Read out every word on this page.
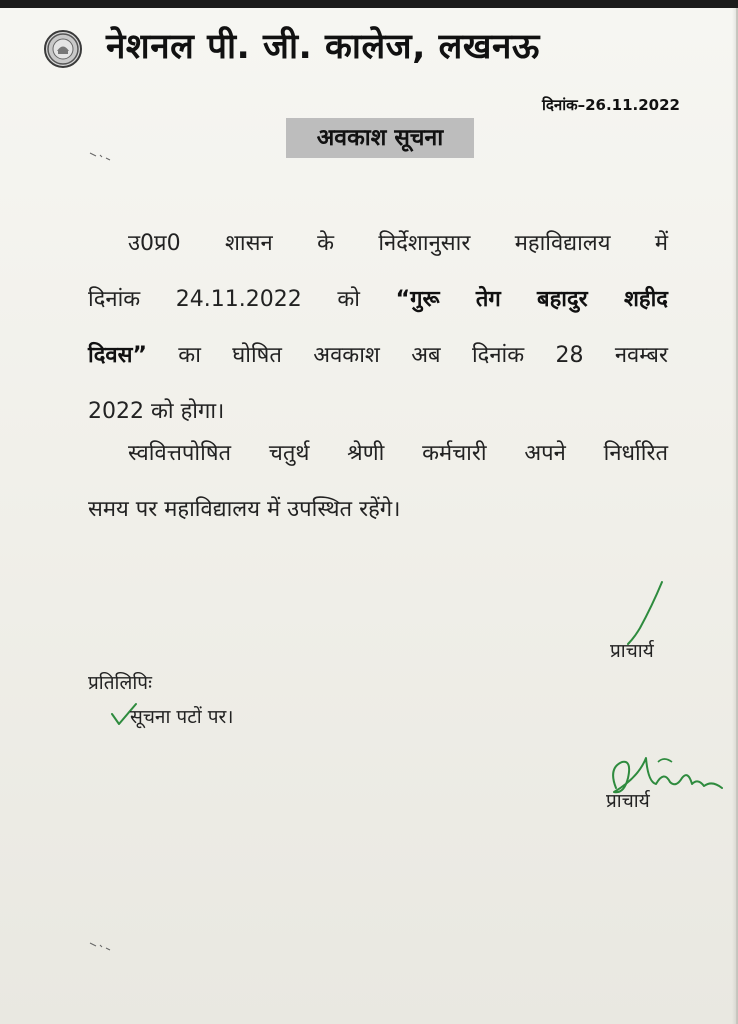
नेशनल पी. जी. कालेज, लखनऊ
दिनांक–26.11.2022
अवकाश सूचना
उ0प्र0 शासन के निर्देशानुसार महाविद्यालय में
दिनांक 24.11.2022 को “गुरू तेग बहादुर शहीद
दिवस” का घोषित अवकाश अब दिनांक 28 नवम्बर
2022 को होगा।
स्ववित्तपोषित चतुर्थ श्रेणी कर्मचारी अपने निर्धारित
समय पर महाविद्यालय में उपस्थित रहेंगे।
प्राचार्य
प्रतिलिपिः
सूचना पटों पर।
प्राचार्य
